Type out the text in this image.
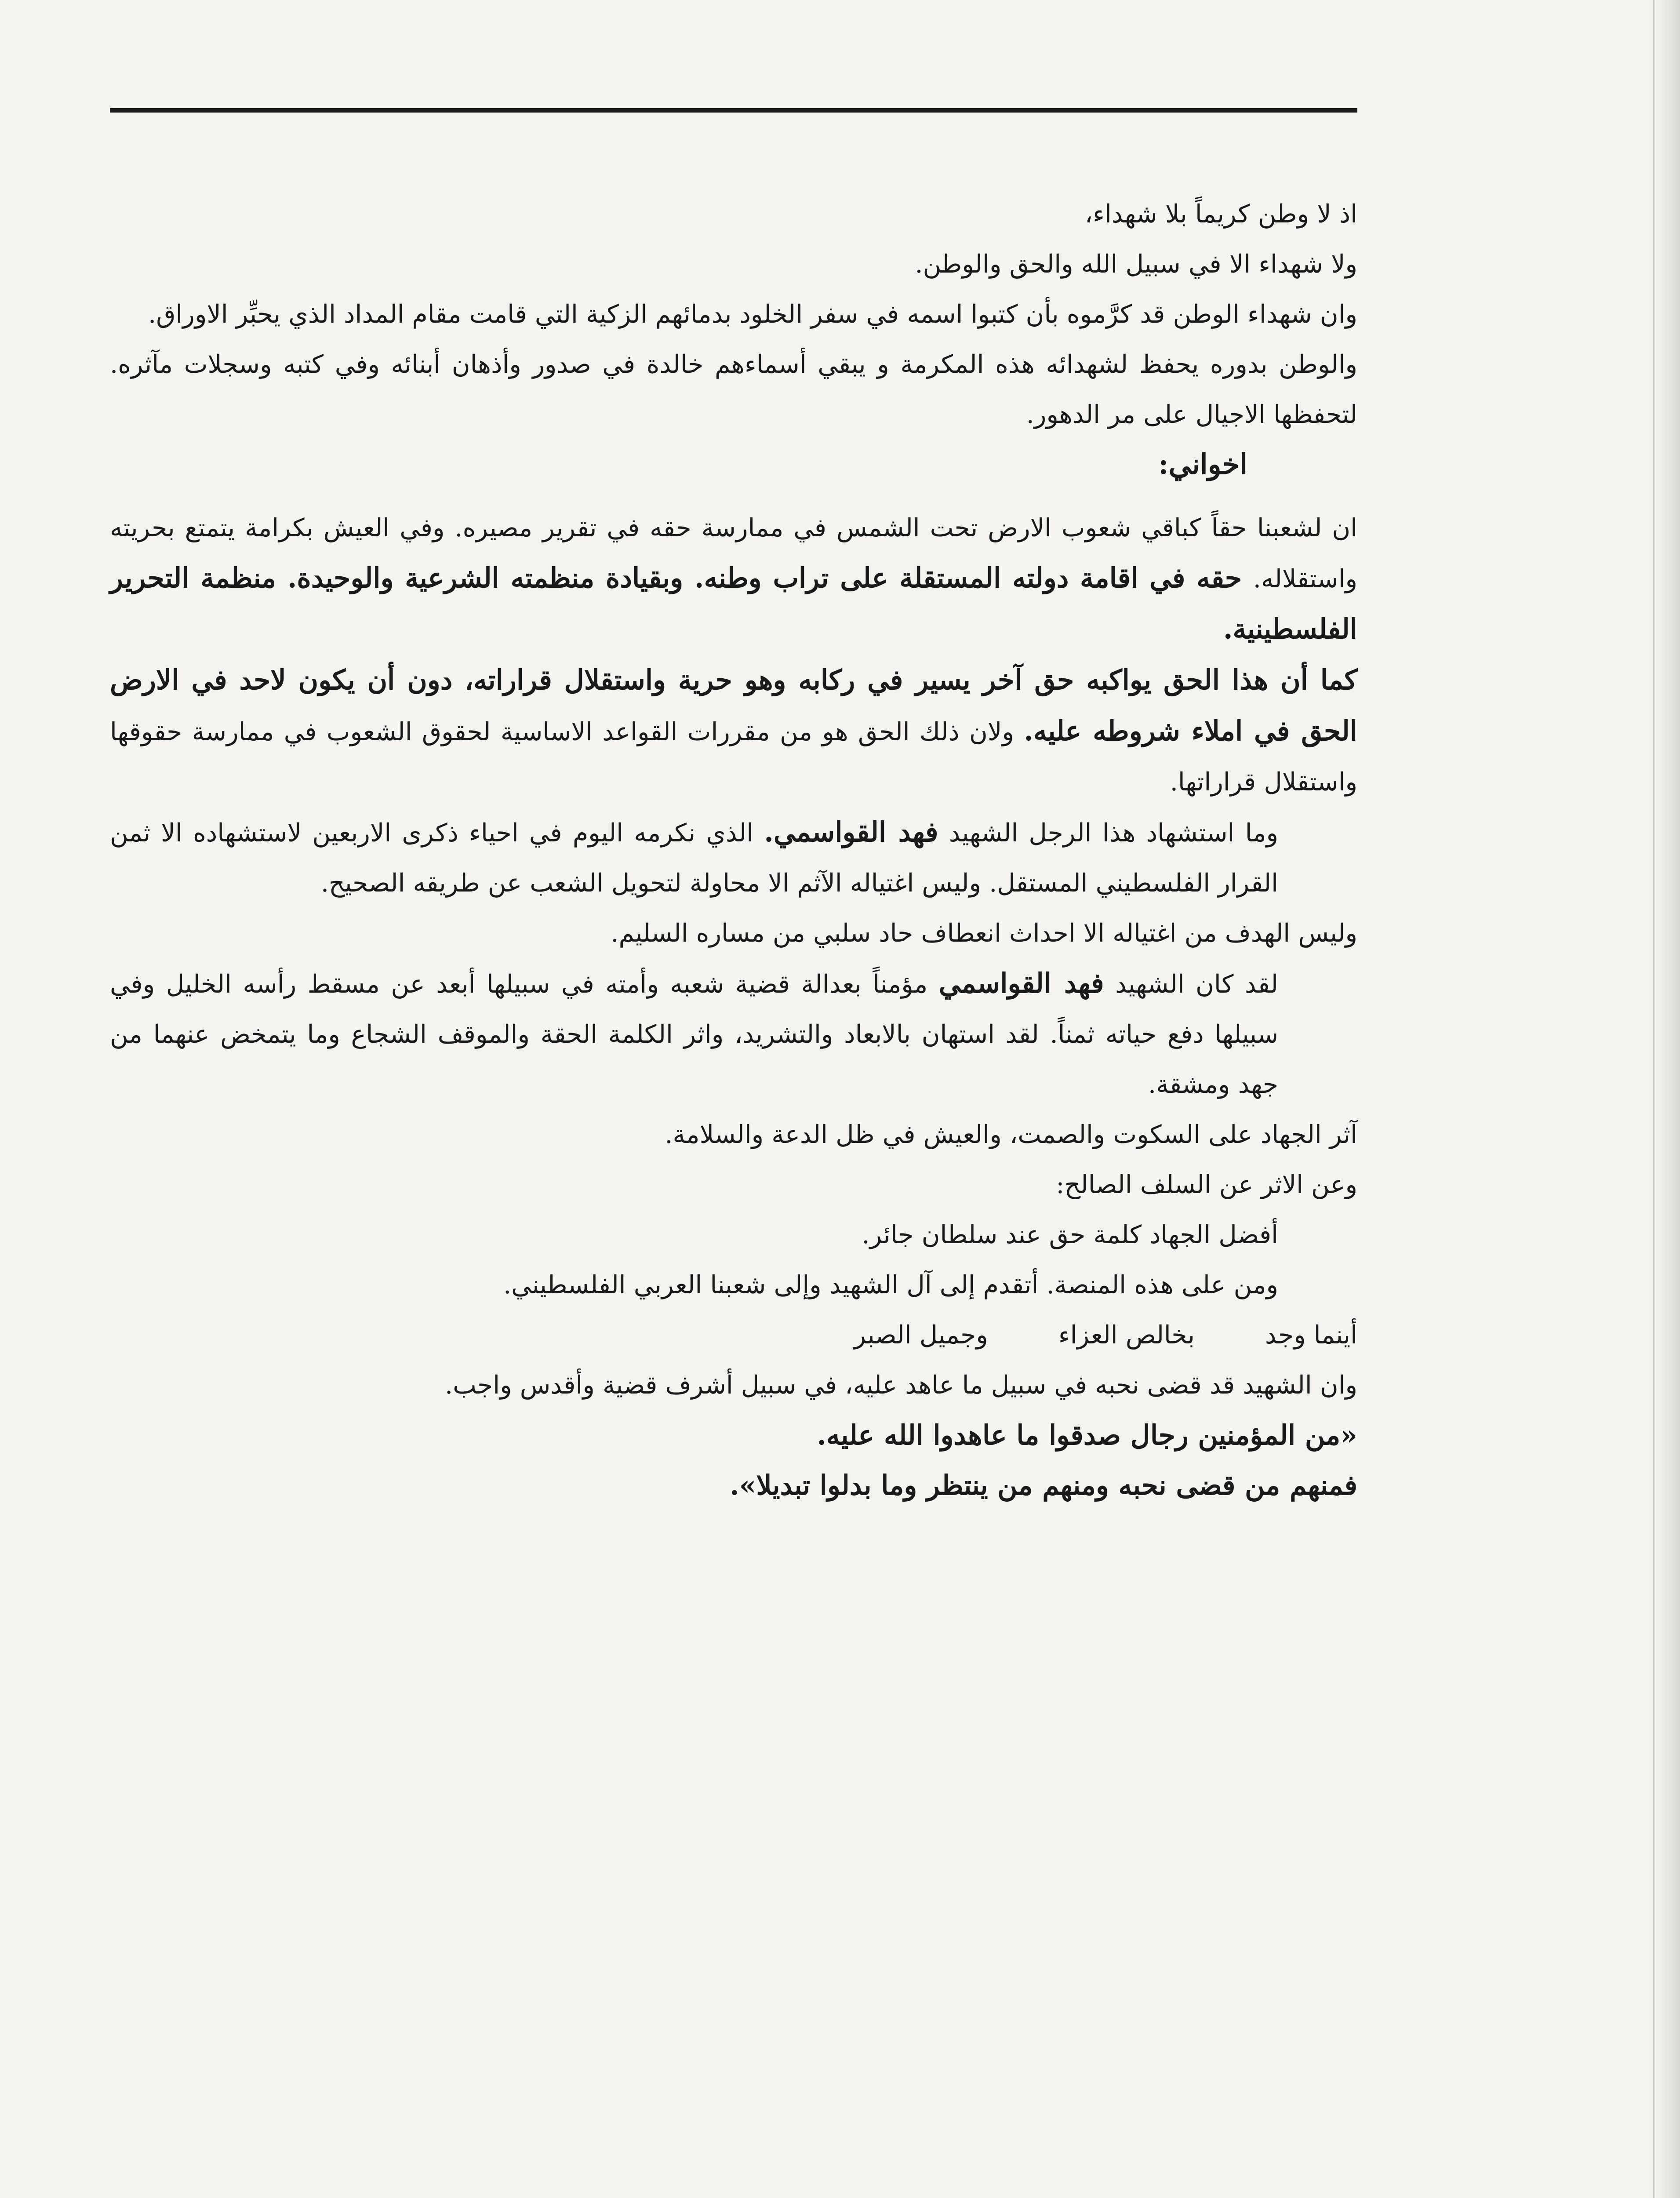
اذ لا وطن كريماً بلا شهداء،

ولا شهداء الا في سبيل الله والحق والوطن.

وان شهداء الوطن قد كرَّموه بأن كتبوا اسمه في سفر الخلود بدمائهم الزكية التي قامت مقام المداد الذي يحبِّر الاوراق.

والوطن بدوره يحفظ لشهدائه هذه المكرمة و يبقي أسماءهم خالدة في صدور وأذهان أبنائه وفي كتبه وسجلات مآثره. لتحفظها الاجيال على مر الدهور.

اخواني:

ان لشعبنا حقاً كباقي شعوب الارض تحت الشمس في ممارسة حقه في تقرير مصيره. وفي العيش بكرامة يتمتع بحريته واستقلاله. حقه في اقامة دولته المستقلة على تراب وطنه. وبقيادة منظمته الشرعية والوحيدة. منظمة التحرير الفلسطينية.

كما أن هذا الحق يواكبه حق آخر يسير في ركابه وهو حرية واستقلال قراراته، دون أن يكون لاحد في الارض الحق في املاء شروطه عليه. ولان ذلك الحق هو من مقررات القواعد الاساسية لحقوق الشعوب في ممارسة حقوقها واستقلال قراراتها.

وما استشهاد هذا الرجل الشهيد فهد القواسمي. الذي نكرمه اليوم في احياء ذكرى الاربعين لاستشهاده الا ثمن القرار الفلسطيني المستقل. وليس اغتياله الآثم الا محاولة لتحويل الشعب عن طريقه الصحيح.

وليس الهدف من اغتياله الا احداث انعطاف حاد سلبي من مساره السليم.

لقد كان الشهيد فهد القواسمي مؤمناً بعدالة قضية شعبه وأمته في سبيلها أبعد عن مسقط رأسه الخليل وفي سبيلها دفع حياته ثمناً. لقد استهان بالابعاد والتشريد، واثر الكلمة الحقة والموقف الشجاع وما يتمخض عنهما من جهد ومشقة.

آثر الجهاد على السكوت والصمت، والعيش في ظل الدعة والسلامة.

وعن الاثر عن السلف الصالح:

أفضل الجهاد كلمة حق عند سلطان جائر.

ومن على هذه المنصة. أتقدم إلى آل الشهيد وإلى شعبنا العربي الفلسطيني.

أينما وجد
بخالص العزاء
وجميل الصبر

وان الشهيد قد قضى نحبه في سبيل ما عاهد عليه، في سبيل أشرف قضية وأقدس واجب.

«من المؤمنين رجال صدقوا ما عاهدوا الله عليه.

فمنهم من قضى نحبه ومنهم من ينتظر وما بدلوا تبديلا».
